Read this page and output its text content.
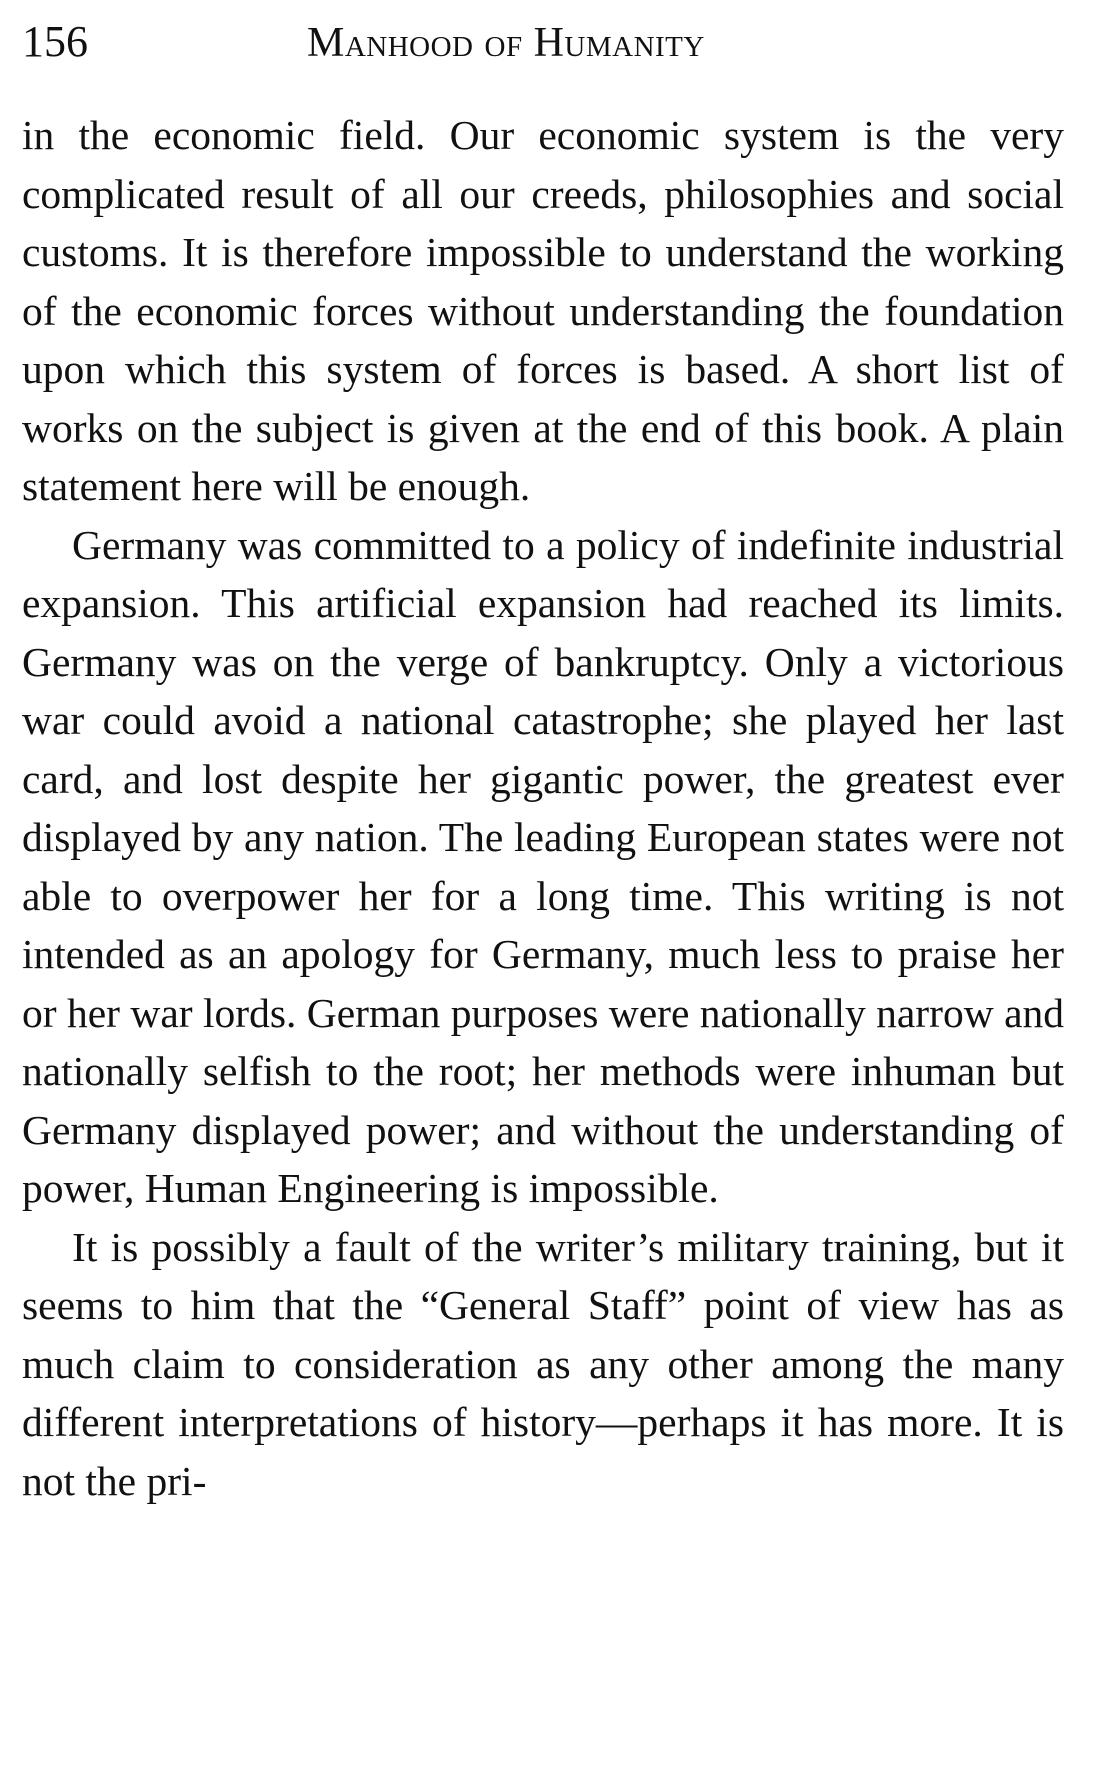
156	Manhood of Humanity

in the economic field. Our economic system is the very complicated result of all our creeds, philosophies and social customs. It is therefore impossible to understand the working of the economic forces without understanding the foundation upon which this system of forces is based. A short list of works on the subject is given at the end of this book. A plain statement here will be enough.

Germany was committed to a policy of indefinite industrial expansion. This artificial expansion had reached its limits. Germany was on the verge of bankruptcy. Only a victorious war could avoid a national catastrophe; she played her last card, and lost despite her gigantic power, the greatest ever displayed by any nation. The leading European states were not able to overpower her for a long time. This writing is not intended as an apology for Germany, much less to praise her or her war lords. German purposes were nationally narrow and nationally selfish to the root; her methods were inhuman but Germany displayed power; and without the understanding of power, Human Engineering is impossible.

It is possibly a fault of the writer’s military training, but it seems to him that the “General Staff” point of view has as much claim to consideration as any other among the many different interpretations of history—perhaps it has more. It is not the pri-
